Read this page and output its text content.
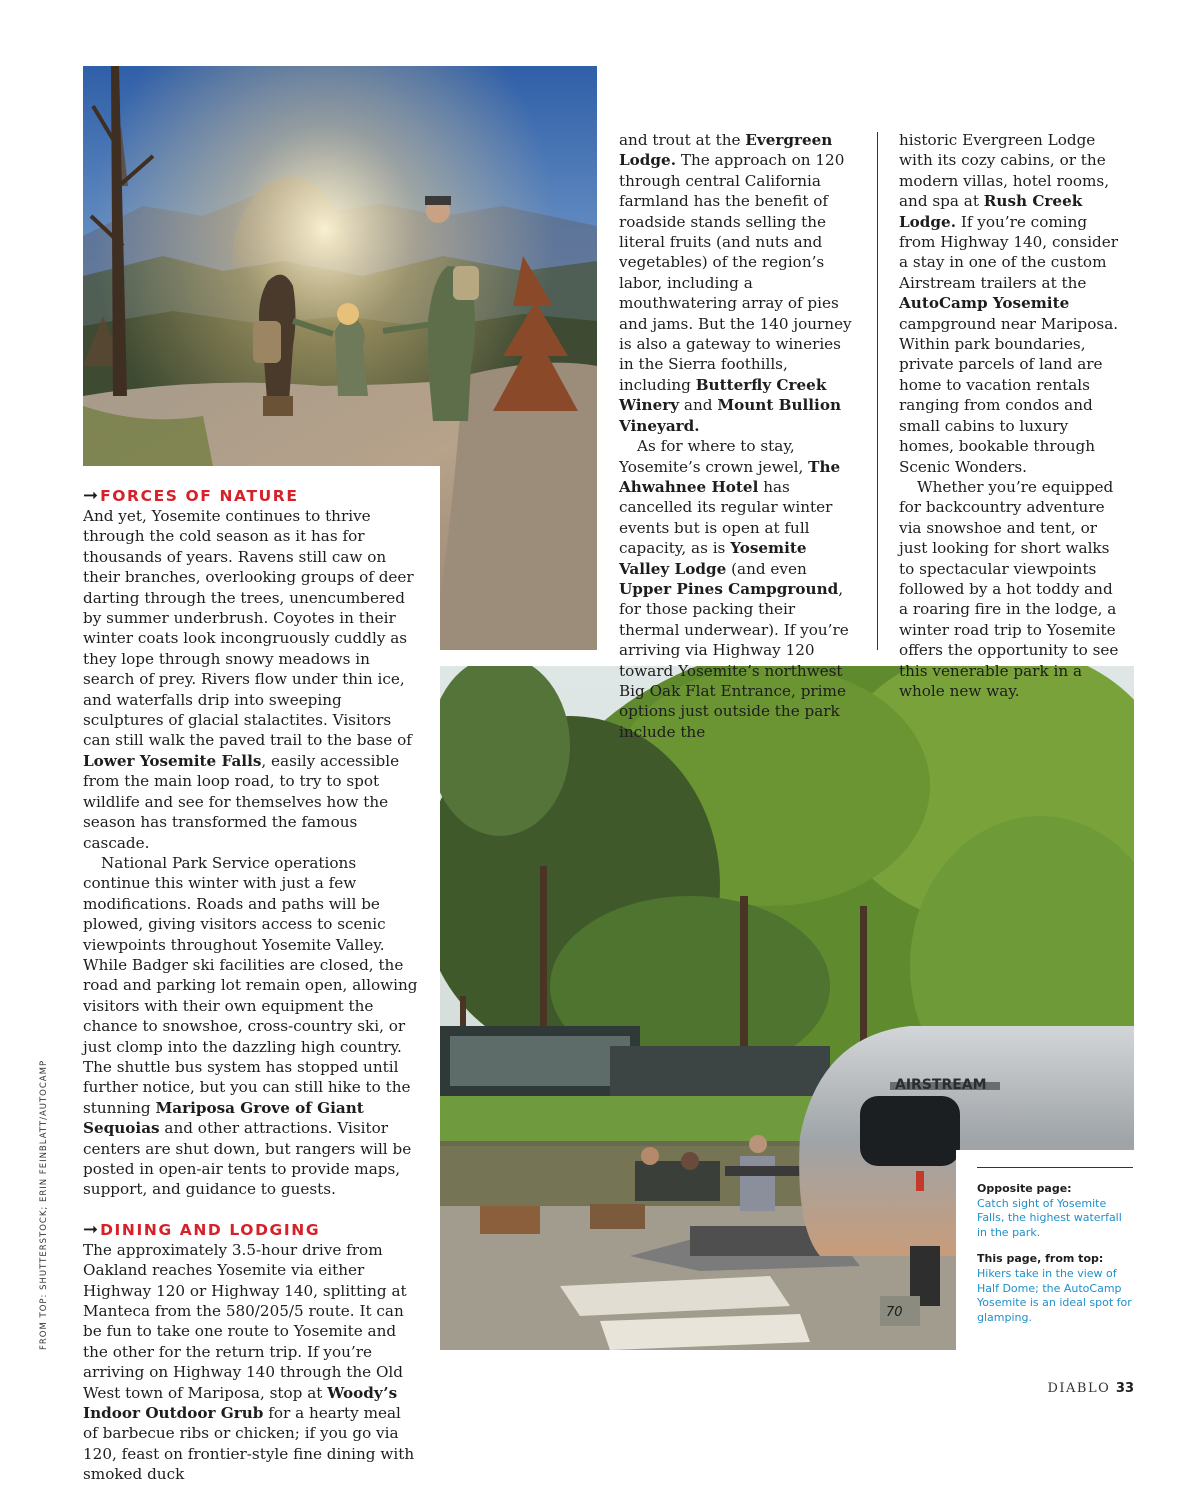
AIRSTREAM
70
Opposite page:
Catch sight of Yosemite Falls, the highest waterfall in the park.
This page, from top:
Hikers take in the view of Half Dome; the AutoCamp Yosemite is an ideal spot for glamping.
➞ FORCES OF NATURE

And yet, Yosemite continues to thrive through the cold season as it has for thousands of years. Ravens still caw on their branches, overlooking groups of deer darting through the trees, unencumbered by summer underbrush. Coyotes in their winter coats look incongruously cuddly as they lope through snowy meadows in search of prey. Rivers flow under thin ice, and waterfalls drip into sweeping sculptures of glacial stalactites. Visitors can still walk the paved trail to the base of Lower Yosemite Falls, easily accessible from the main loop road, to try to spot wildlife and see for themselves how the season has transformed the famous cascade.

National Park Service operations continue this winter with just a few modifications. Roads and paths will be plowed, giving visitors access to scenic viewpoints throughout Yosemite Valley. While Badger ski facilities are closed, the road and parking lot remain open, allowing visitors with their own equipment the chance to snowshoe, cross-country ski, or just clomp into the dazzling high country. The shuttle bus system has stopped until further notice, but you can still hike to the stunning Mariposa Grove of Giant Sequoias and other attractions. Visitor centers are shut down, but rangers will be posted in open-air tents to provide maps, support, and guidance to guests.

➞ DINING AND LODGING

The approximately 3.5-hour drive from Oakland reaches Yosemite via either Highway 120 or Highway 140, splitting at Manteca from the 580/205/5 route. It can be fun to take one route to Yosemite and the other for the return trip. If you’re arriving on Highway 140 through the Old West town of Mariposa, stop at Woody’s Indoor Outdoor Grub for a hearty meal of barbecue ribs or chicken; if you go via 120, feast on frontier-style fine dining with smoked duck

and trout at the Evergreen Lodge. The approach on 120 through central California farmland has the benefit of roadside stands selling the literal fruits (and nuts and vegetables) of the region’s labor, including a mouthwatering array of pies and jams. But the 140 journey is also a gateway to wineries in the Sierra foothills, including Butterfly Creek Winery and Mount Bullion Vineyard.

As for where to stay, Yosemite’s crown jewel, The Ahwahnee Hotel has cancelled its regular winter events but is open at full capacity, as is Yosemite Valley Lodge (and even Upper Pines Campground, for those packing their thermal underwear). If you’re arriving via Highway 120 toward Yosemite’s northwest Big Oak Flat Entrance, prime options just outside the park include the

historic Evergreen Lodge with its cozy cabins, or the modern villas, hotel rooms, and spa at Rush Creek Lodge. If you’re coming from Highway 140, consider a stay in one of the custom Airstream trailers at the AutoCamp Yosemite campground near Mariposa. Within park boundaries, private parcels of land are home to vacation rentals ranging from condos and small cabins to luxury homes, bookable through Scenic Wonders.

Whether you’re equipped for backcountry adventure via snowshoe and tent, or just looking for short walks to spectacular viewpoints followed by a hot toddy and a roaring fire in the lodge, a winter road trip to Yosemite offers the opportunity to see this venerable park in a whole new way.

FROM TOP: SHUTTERSTOCK; ERIN FEINBLATT/AUTOCAMP
DIABLO 33
